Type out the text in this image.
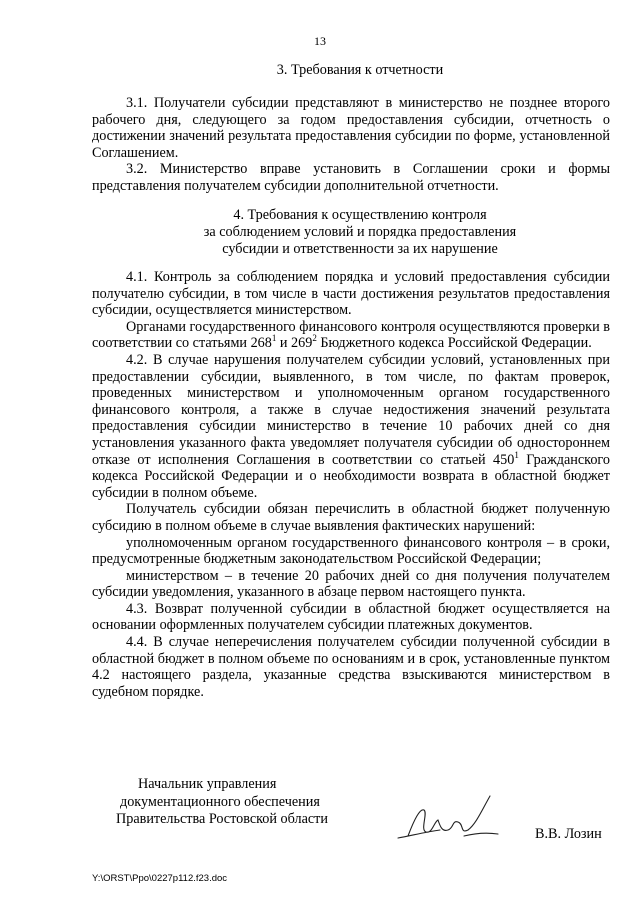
13
3. Требования к отчетности

3.1. Получатели субсидии представляют в министерство не позднее второго рабочего дня, следующего за годом предоставления субсидии, отчетность о достижении значений результата предоставления субсидии по форме, установленной Соглашением.

3.2. Министерство вправе установить в Соглашении сроки и формы представления получателем субсидии дополнительной отчетности.

4. Требования к осуществлению контроля
за соблюдением условий и порядка предоставления
субсидии и ответственности за их нарушение

4.1. Контроль за соблюдением порядка и условий предоставления субсидии получателю субсидии, в том числе в части достижения результатов предоставления субсидии, осуществляется министерством.

Органами государственного финансового контроля осуществляются проверки в соответствии со статьями $268^1$ и $269^2$ Бюджетного кодекса Российской Федерации.

4.2. В случае нарушения получателем субсидии условий, установленных при предоставлении субсидии, выявленного, в том числе, по фактам проверок, проведенных министерством и уполномоченным органом государственного финансового контроля, а также в случае недостижения значений результата предоставления субсидии министерство в течение 10 рабочих дней со дня установления указанного факта уведомляет получателя субсидии об одностороннем отказе от исполнения Соглашения в соответствии со статьей $450^1$ Гражданского кодекса Российской Федерации и о необходимости возврата в областной бюджет субсидии в полном объеме.

Получатель субсидии обязан перечислить в областной бюджет полученную субсидию в полном объеме в случае выявления фактических нарушений:

уполномоченным органом государственного финансового контроля – в сроки, предусмотренные бюджетным законодательством Российской Федерации;

министерством – в течение 20 рабочих дней со дня получения получателем субсидии уведомления, указанного в абзаце первом настоящего пункта.

4.3. Возврат полученной субсидии в областной бюджет осуществляется на основании оформленных получателем субсидии платежных документов.

4.4. В случае неперечисления получателем субсидии полученной субсидии в областной бюджет в полном объеме по основаниям и в срок, установленные пунктом 4.2 настоящего раздела, указанные средства взыскиваются министерством в судебном порядке.

Начальник управления
документационного обеспечения
Правительства Ростовской области
В.В. Лозин
Y:\ORST\Ppo\0227p112.f23.doc
